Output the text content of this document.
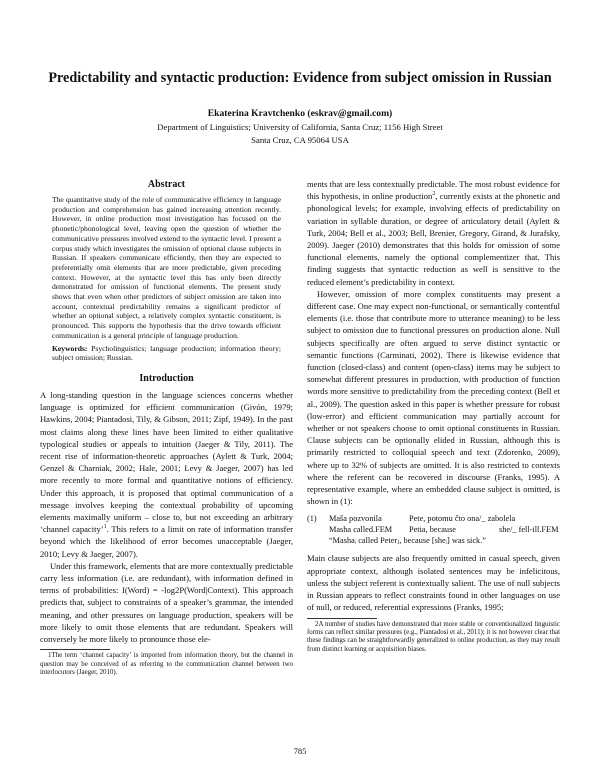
Predictability and syntactic production: Evidence from subject omission in Russian
Ekaterina Kravtchenko (eskrav@gmail.com)
Department of Linguistics; University of California, Santa Cruz; 1156 High Street
Santa Cruz, CA 95064 USA
Abstract

The quantitative study of the role of communicative efficiency in language production and comprehension has gained increasing attention recently. However, in online production most investigation has focused on the phonetic/phonological level, leaving open the question of whether the communicative pressures involved extend to the syntactic level. I present a corpus study which investigates the omission of optional clause subjects in Russian. If speakers communicate efficiently, then they are expected to preferentially omit elements that are more predictable, given preceding context. However, at the syntactic level this has only been directly demonstrated for omission of functional elements. The present study shows that even when other predictors of subject omission are taken into account, contextual predictability remains a significant predictor of whether an optional subject, a relatively complex syntactic constituent, is pronounced. This supports the hypothesis that the drive towards efficient communication is a general principle of language production.

Keywords: Psycholinguistics; language production; information theory; subject omission; Russian.
Introduction

A long-standing question in the language sciences concerns whether language is optimized for efficient communication (Givón, 1979; Hawkins, 2004; Piantadosi, Tily, & Gibson, 2011; Zipf, 1949). In the past most claims along these lines have been limited to either qualitative typological studies or appeals to intuition (Jaeger & Tily, 2011). The recent rise of information-theoretic approaches (Aylett & Turk, 2004; Genzel & Charniak, 2002; Hale, 2001; Levy & Jaeger, 2007) has led more recently to more formal and quantitative notions of efficiency. Under this approach, it is proposed that optimal communication of a message involves keeping the contextual probability of upcoming elements maximally uniform – close to, but not exceeding an arbitrary ‘channel capacity’$^1$. This refers to a limit on rate of information transfer beyond which the likelihood of error becomes unacceptable (Jaeger, 2010; Levy & Jaeger, 2007).

Under this framework, elements that are more contextually predictable carry less information (i.e. are redundant), with information defined in terms of probabilities: I(Word) = -log2P(Word|Context). This approach predicts that, subject to constraints of a speaker’s grammar, the intended meaning, and other pressures on language production, speakers will be more likely to omit those elements that are redundant. Speakers will conversely be more likely to pronounce those ele-

1The term ‘channel capacity’ is imported from information theory, but the channel in question may be conceived of as referring to the communication channel between two interlocutors (Jaeger, 2010).

ments that are less contextually predictable. The most robust evidence for this hypothesis, in online production$^2$, currently exists at the phonetic and phonological levels; for example, involving effects of predictability on variation in syllable duration, or degree of articulatory detail (Aylett & Turk, 2004; Bell et al., 2003; Bell, Brenier, Gregory, Girand, & Jurafsky, 2009). Jaeger (2010) demonstrates that this holds for omission of some functional elements, namely the optional complementizer that. This finding suggests that syntactic reduction as well is sensitive to the reduced element’s predictability in context.

However, omission of more complex constituents may present a different case. One may expect non-functional, or semantically contentful elements (i.e. those that contribute more to utterance meaning) to be less subject to omission due to functional pressures on production alone. Null subjects specifically are often argued to serve distinct syntactic or semantic functions (Carminati, 2002). There is likewise evidence that function (closed-class) and content (open-class) items may be subject to somewhat different pressures in production, with production of function words more sensitive to predictability from the preceding context (Bell et al., 2009). The question asked in this paper is whether pressure for robust (low-error) and efficient communication may partially account for whether or not speakers choose to omit optional constituents in Russian. Clause subjects can be optionally elided in Russian, although this is primarily restricted to colloquial speech and text (Zdorenko, 2009), where up to 32% of subjects are omitted. It is also restricted to contexts where the referent can be recovered in discourse (Franks, 1995). A representative example, where an embedded clause subject is omitted, is shown in (1):

(1)	Maša pozvonila	Pete, potomu čto ona/_ zabolela
Masha called.FEM	Petia, because	she/_ fell-ill.FEM
“Mashaᵢ called Peterⱼ, because [sheᵢ] was sick.”

Main clause subjects are also frequently omitted in casual speech, given appropriate context, although isolated sentences may be infelicitous, unless the subject referent is contextually salient. The use of null subjects in Russian appears to reflect constraints found in other languages on use of null, or reduced, referential expressions (Franks, 1995;

2A number of studies have demonstrated that more stable or conventionalized linguistic forms can reflect similar pressures (e.g., Piantadosi et al., 2011); it is not however clear that these findings can be straightforwardly generalized to online production, as they may result from distinct learning or acquisition biases.
785
